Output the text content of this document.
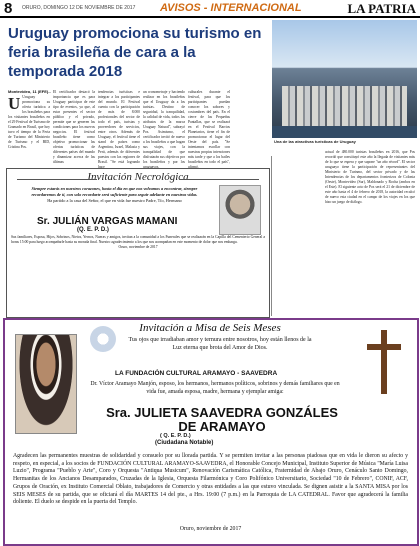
8 ORURO, DOMINGO 12 DE NOVIEMBRE DE 2017 AVISOS - INTERNACIONAL	LA PATRIA
Uruguay promociona su turismo en feria brasileña de cara a la temporada 2018
Una de las atractivas turísticas de Uruguay
Montevideo, 11 (EFE).-
U Uruguay promociona su oferta turística a los brasileños para los visitantes brasileños en el 29 Festival de Turismo de Gramado en Brasil, que hoy tuvo el tiempo de la Feria de Turismo del Ministerio de Turismo y el BID, Cristina Pos.
El certificador destacó la importancia que es para Uruguay participar de este tipo de eventos, ya que, al estar presentes el sector público y el privado, permite que se generen las condiciones para los nuevos negocios. El festival brasileño tiene como objetivo promocionar las ofertas turísticas de diferentes países del mundo y dinamizar acerca de las últimas
tendencias turísticas e integrar a los participantes del mundo. El Festival cuenta con la participación de más de 8.000 profesionales del sector de todo el país, turistas y proveedores de servicios, entre otros. Además de Uruguay, el festival tiene el stand de países como Argentina, Israel, Malasia y Perú, además de diferentes puestos con las regiones de Brasil. "Se está logrando hace
un cronometraje y haciendo realizar en los brasileños que el Uruguay da a los turistas. Destino de seguridad, la tranquilidad, la calidad de vida, todos los atributos de la marca Uruguay Natural", subrayó Pos. Asimismo, el certificador invitó de nuevo a los brasileños a que hagan sus viajes, con la tranquilidad de que disfrutarán sus objetivos por los brasileños y por los uruguayos.
culturales durante el festival, para que los participantes puedan conocer los sabores y costumbres del país. En el cierre de las Pequeñas Pantallas, que se realizará en el Festival Barrios Planetarios, tiene el fin de promocionar el lugar del Oeste del país. "Se intentamos escollar con nuestras propias intenciones más tarde y que a los bailes brasileños en todo el país", afirmó.
actual de 480.000 turistas brasileños en 2016, que Pos recordó que constituyó este año la llegada de visitantes más de lo que se espera y que supone "un año récord". El sector uruguayo tiene la participación de representantes del Ministerio de Turismo, del sector privado y de las Intendencias de los departamentos fronterizos de Colonia (Oeste), Montevideo (Sur), Maldonado y Rocha (ambos en el Este). El siguiente acto de Pos será el 21 de diciembre de este año hasta el 4 de febrero de 2018, la autoridad recalcó de nuevo esta ciudad en el campo de los viajes en los que hizo un juego de diálogo.
Invitación Necrológica
Siempre estarás en nuestros corazones, hasta el día en que nos volvamos a encontrar, siempre recordaremos de ti, con solo recordarte será suficiente para seguir adelante en nuestras vidas.
Ha partido a la casa del Señor, el que en vida fue nuestro Padre, Tío, Hermano
Sr. JULIÁN VARGAS MAMANI
(Q. E. P. D.)
Sus familiares, Esposa, Hijos, Sobrinos, Nietos, Yernos, Nueras y amigos, invitan a la comunidad a los Funerales que se realizarán en la Capilla del Cementerio General a horas 15:00 para luego acompañarle hasta su morada final. Nuestro agradecimiento a los que nos acompañan en este momento de dolor que nos embarga.

Oruro, noviembre de 2017
Invitación a Misa de Seis Meses
Tus ojos que irradiaban amor y ternura entre nosotros, hoy están llenos de la Luz eterna que brota del Amor de Dios.
LA FUNDACIÓN CULTURAL ARAMAYO - SAAVEDRA
Dr. Víctor Aramayo Manjón, esposo, los hermanos, hermanos políticos, sobrinos y demás familiares que en vida fue, amada esposa, madre, hermana y ejemplar amiga:
Sra. JULIETA SAAVEDRA GONZÁLES DE ARAMAYO
( Q. E. P. D.)
(Ciudadana Notable)
Agradecen las permanentes muestras de solidaridad y consuelo por su llorada partida. Y se permiten invitar a las personas piadosas que en vida le dieron su afecto y respeto, en especial, a los socios de FUNDACIÓN CULTURAL ARAMAYO-SAAVEDRA, el Honorable Concejo Municipal, Instituto Superior de Música "María Luisa Luzio", Programa "Pueblo y Arte", Coro y Orquesta "Antiqua Musicum", Renovación Carismática Católica, Fraternidad de Abajo Oruro, Cenáculo Santo Domingo, Hermanitas de los Ancianos Desamparados, Cruzadas de la Iglesia, Orquesta Filarmónica y Coro Polifónico Universitario, Sociedad "10 de Febrero", CONIF, ACF, Grupos de Oración, ex Instituto Comercial Oblato, trabajadores de Comercio y otras entidades a las que estuvo vinculada. Se dignen asistir a la SANTA MISA por los SEIS MESES de su partida, que se oficiará el día MARTES 14 del pte., a Hrs. 19:00 (7 p.m.) en la Parroquia de LA CATEDRAL. Favor que agradecerá la familia doliente. El duelo se despide en la puerta del Templo.
Oruro, noviembre de 2017
